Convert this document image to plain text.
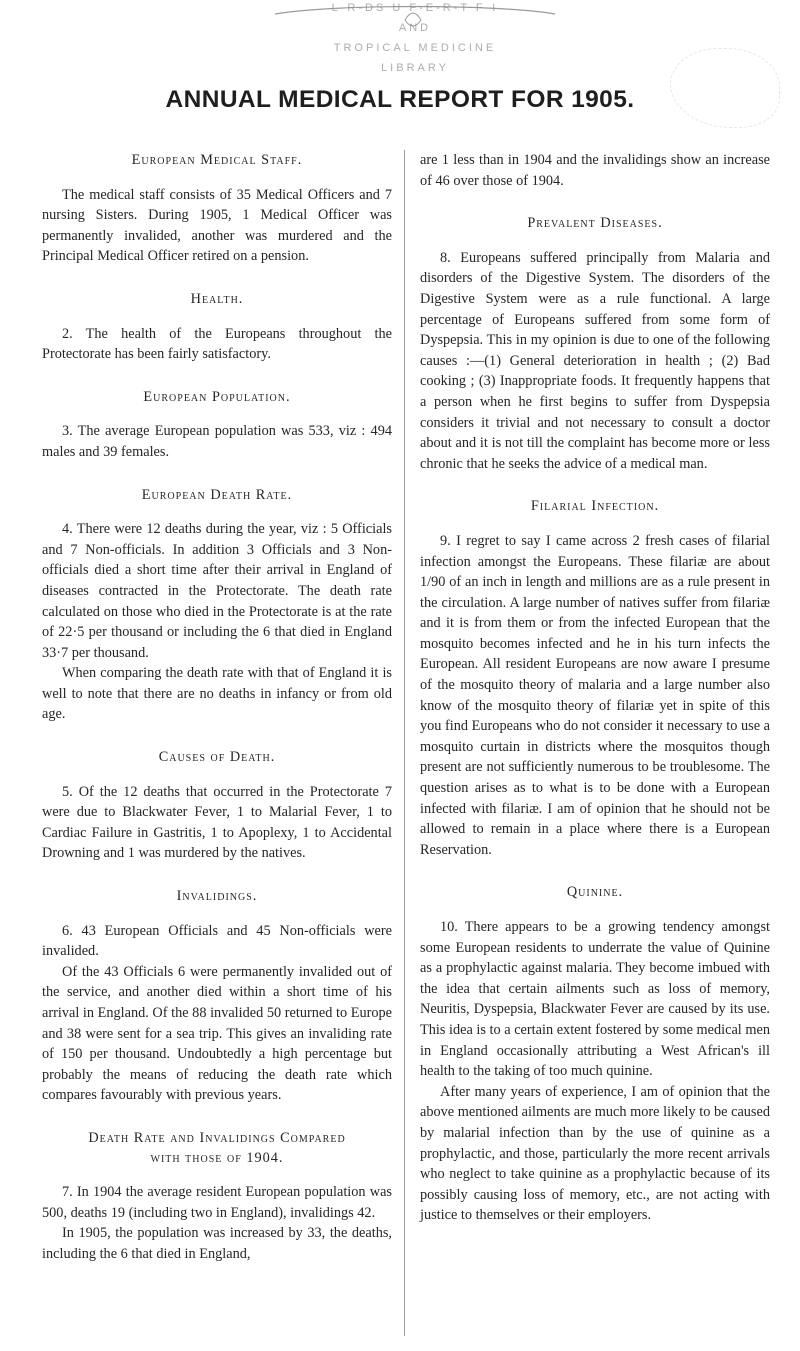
L-R-DS U F-E-R-T F-I
AND
TROPICAL MEDICINE
LIBRARY
ANNUAL MEDICAL REPORT FOR 1905.
European Medical Staff.

The medical staff consists of 35 Medical Officers and 7 nursing Sisters. During 1905, 1 Medical Officer was permanently invalided, another was murdered and the Principal Medical Officer retired on a pension.

Health.

2. The health of the Europeans throughout the Protectorate has been fairly satisfactory.

European Population.

3. The average European population was 533, viz : 494 males and 39 females.

European Death Rate.

4. There were 12 deaths during the year, viz : 5 Officials and 7 Non-officials. In addition 3 Officials and 3 Non-officials died a short time after their arrival in England of diseases contracted in the Protectorate. The death rate calculated on those who died in the Protectorate is at the rate of 22·5 per thousand or including the 6 that died in England 33·7 per thousand.

When comparing the death rate with that of England it is well to note that there are no deaths in infancy or from old age.

Causes of Death.

5. Of the 12 deaths that occurred in the Protectorate 7 were due to Blackwater Fever, 1 to Malarial Fever, 1 to Cardiac Failure in Gastritis, 1 to Apoplexy, 1 to Accidental Drowning and 1 was murdered by the natives.

Invalidings.

6. 43 European Officials and 45 Non-officials were invalided.

Of the 43 Officials 6 were permanently invalided out of the service, and another died within a short time of his arrival in England. Of the 88 invalided 50 returned to Europe and 38 were sent for a sea trip. This gives an invaliding rate of 150 per thousand. Undoubtedly a high percentage but probably the means of reducing the death rate which compares favourably with previous years.

Death Rate and Invalidings Compared
with those of 1904.

7. In 1904 the average resident European population was 500, deaths 19 (including two in England), invalidings 42.

In 1905, the population was increased by 33, the deaths, including the 6 that died in England,

are 1 less than in 1904 and the invalidings show an increase of 46 over those of 1904.

Prevalent Diseases.

8. Europeans suffered principally from Malaria and disorders of the Digestive System. The disorders of the Digestive System were as a rule functional. A large percentage of Europeans suffered from some form of Dyspepsia. This in my opinion is due to one of the following causes :—(1) General deterioration in health ; (2) Bad cooking ; (3) Inappropriate foods. It frequently happens that a person when he first begins to suffer from Dyspepsia considers it trivial and not necessary to consult a doctor about and it is not till the complaint has become more or less chronic that he seeks the advice of a medical man.

Filarial Infection.

9. I regret to say I came across 2 fresh cases of filarial infection amongst the Europeans. These filariæ are about 1/90 of an inch in length and millions are as a rule present in the circulation. A large number of natives suffer from filariæ and it is from them or from the infected European that the mosquito becomes infected and he in his turn infects the European. All resident Europeans are now aware I presume of the mosquito theory of malaria and a large number also know of the mosquito theory of filariæ yet in spite of this you find Europeans who do not consider it necessary to use a mosquito curtain in districts where the mosquitos though present are not sufficiently numerous to be troublesome. The question arises as to what is to be done with a European infected with filariæ. I am of opinion that he should not be allowed to remain in a place where there is a European Reservation.

Quinine.

10. There appears to be a growing tendency amongst some European residents to underrate the value of Quinine as a prophylactic against malaria. They become imbued with the idea that certain ailments such as loss of memory, Neuritis, Dyspepsia, Blackwater Fever are caused by its use. This idea is to a certain extent fostered by some medical men in England occasionally attributing a West African's ill health to the taking of too much quinine.

After many years of experience, I am of opinion that the above mentioned ailments are much more likely to be caused by malarial infection than by the use of quinine as a prophylactic, and those, particularly the more recent arrivals who neglect to take quinine as a prophylactic because of its possibly causing loss of memory, etc., are not acting with justice to themselves or their employers.
